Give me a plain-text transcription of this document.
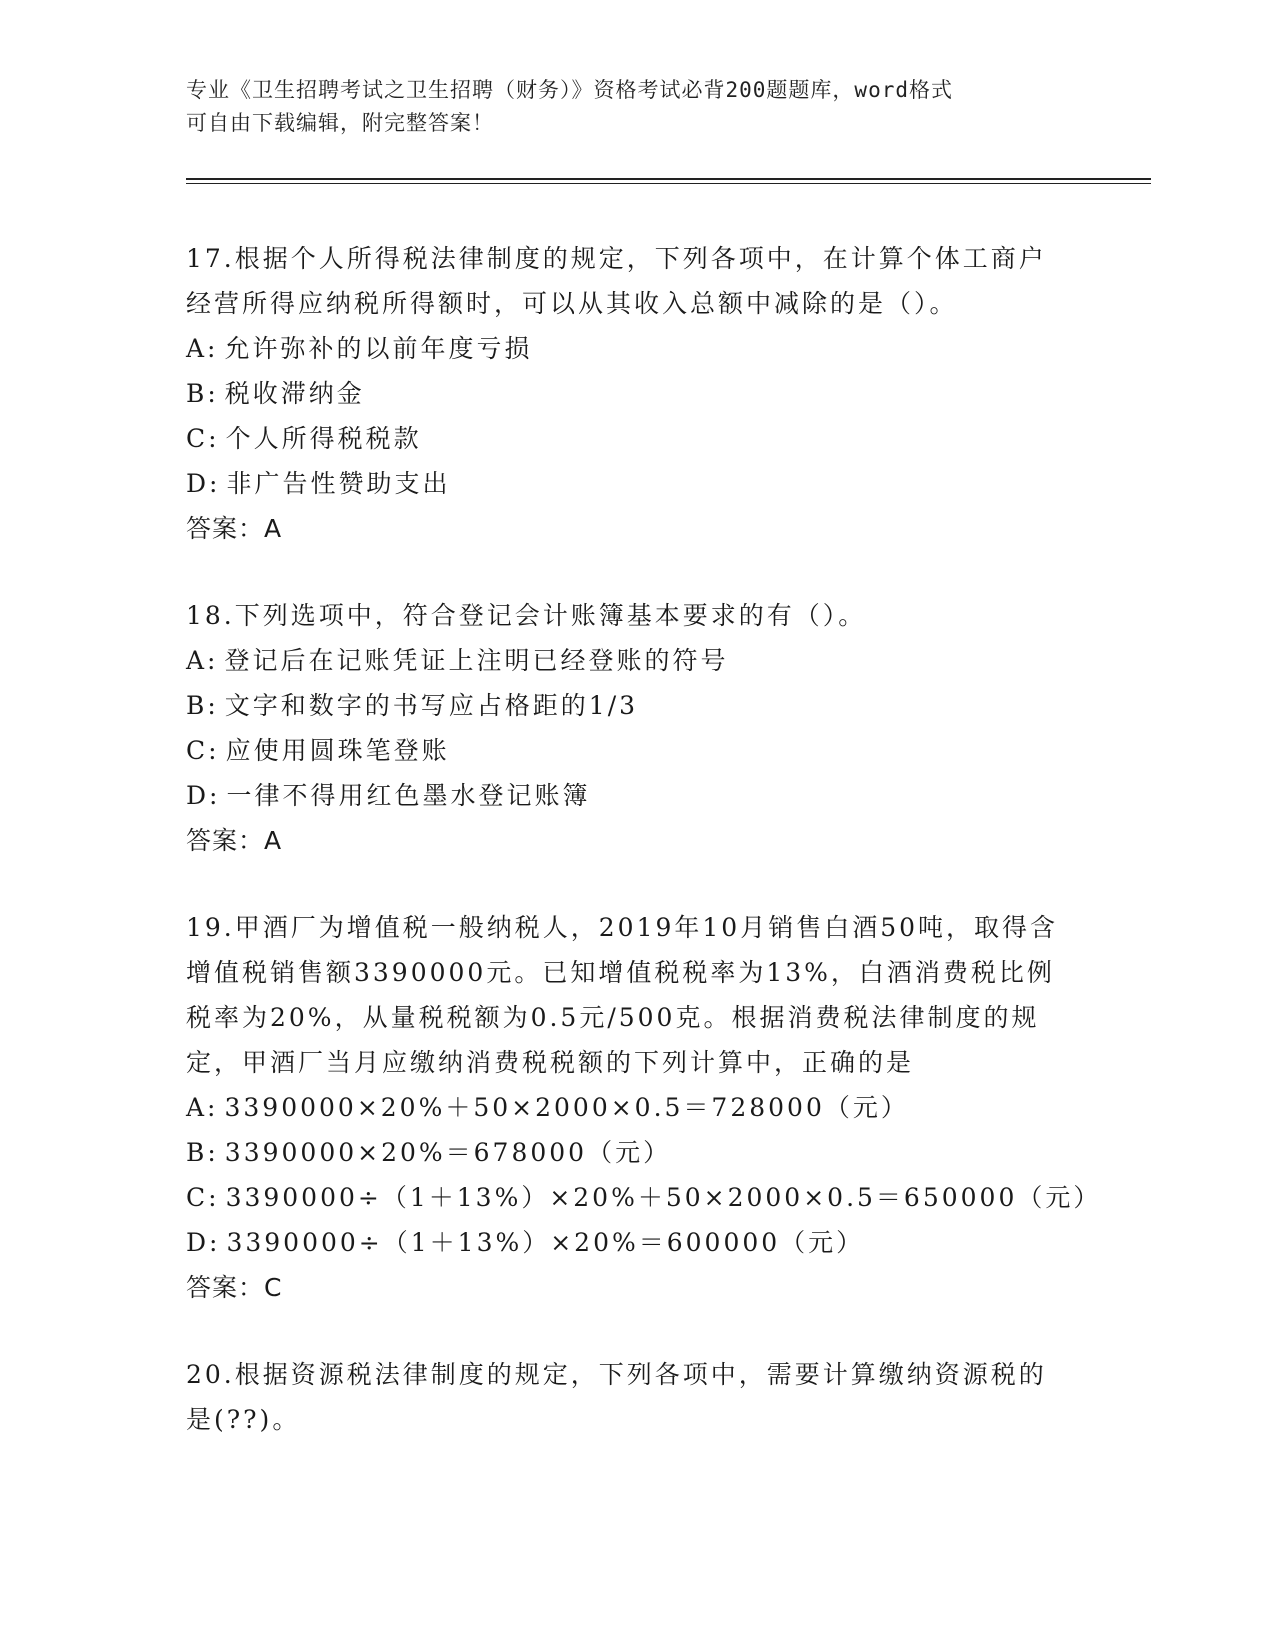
专业《卫生招聘考试之卫生招聘（财务）》资格考试必背200题题库，word格式
可自由下载编辑，附完整答案！

17.根据个人所得税法律制度的规定，下列各项中，在计算个体工商户

经营所得应纳税所得额时，可以从其收入总额中减除的是（）。

A: 允许弥补的以前年度亏损

B: 税收滞纳金

C: 个人所得税税款

D: 非广告性赞助支出

答案：A

18.下列选项中，符合登记会计账簿基本要求的有（）。

A: 登记后在记账凭证上注明已经登账的符号

B: 文字和数字的书写应占格距的1/3

C: 应使用圆珠笔登账

D: 一律不得用红色墨水登记账簿

答案：A

19.甲酒厂为增值税一般纳税人，2019年10月销售白酒50吨，取得含

增值税销售额3390000元。已知增值税税率为13%，白酒消费税比例

税率为20%，从量税税额为0.5元/500克。根据消费税法律制度的规

定，甲酒厂当月应缴纳消费税税额的下列计算中，正确的是

A: 3390000×20%＋50×2000×0.5＝728000（元）

B: 3390000×20%＝678000（元）

C: 3390000÷（1＋13%）×20%＋50×2000×0.5＝650000（元）

D: 3390000÷（1＋13%）×20%＝600000（元）

答案：C

20.根据资源税法律制度的规定，下列各项中，需要计算缴纳资源税的

是(??)。
